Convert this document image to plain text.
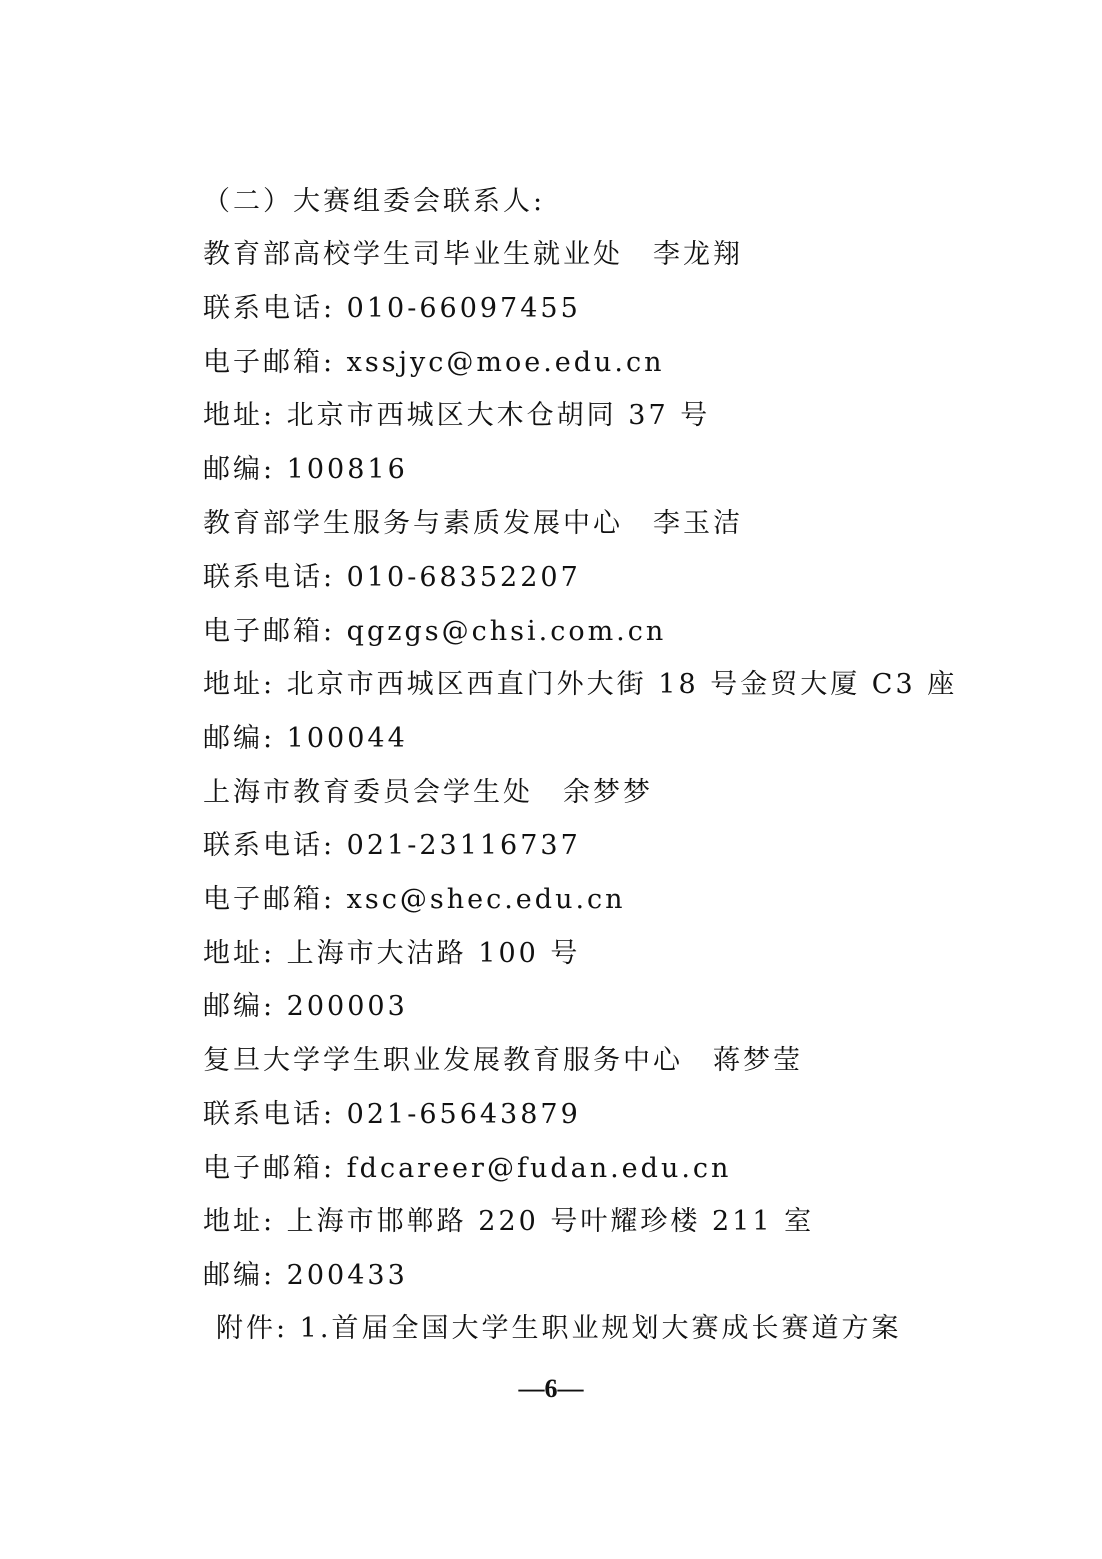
（二）大赛组委会联系人:
教育部高校学生司毕业生就业处　李龙翔
联系电话: 010-66097455
电子邮箱: xssjyc@moe.edu.cn
地址: 北京市西城区大木仓胡同 37 号
邮编: 100816
教育部学生服务与素质发展中心　李玉洁
联系电话: 010-68352207
电子邮箱: qgzgs@chsi.com.cn
地址: 北京市西城区西直门外大街 18 号金贸大厦 C3 座
邮编: 100044
上海市教育委员会学生处　余梦梦
联系电话: 021-23116737
电子邮箱: xsc@shec.edu.cn
地址: 上海市大沽路 100 号
邮编: 200003
复旦大学学生职业发展教育服务中心　蒋梦莹
联系电话: 021-65643879
电子邮箱: fdcareer@fudan.edu.cn
地址: 上海市邯郸路 220 号叶耀珍楼 211 室
邮编: 200433
附件: 1.首届全国大学生职业规划大赛成长赛道方案
—6—
